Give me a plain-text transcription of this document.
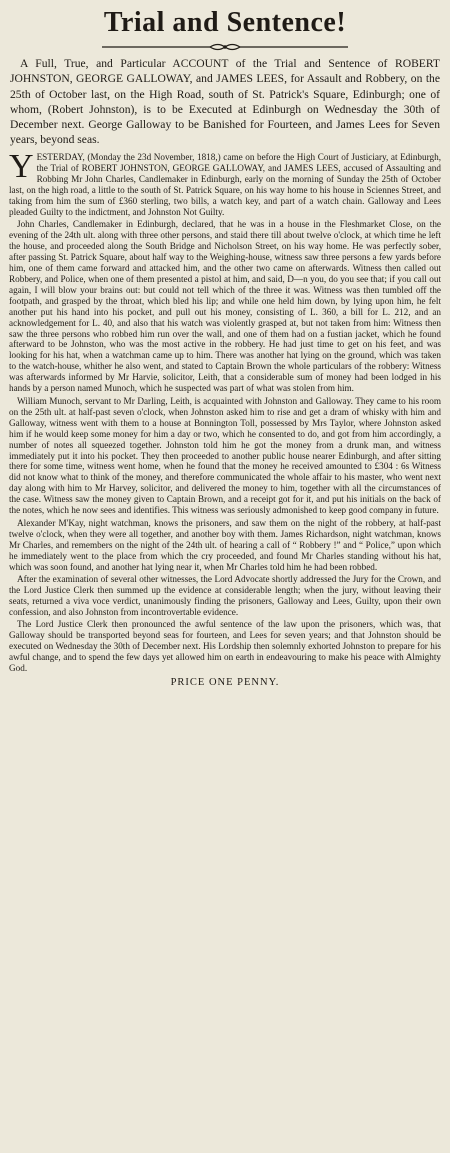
Trial and Sentence!

A Full, True, and Particular ACCOUNT of the Trial and Sentence of ROBERT JOHNSTON, GEORGE GALLOWAY, and JAMES LEES, for Assault and Robbery, on the 25th of October last, on the High Road, south of St. Patrick's Square, Edinburgh; one of whom, (Robert Johnston), is to be Executed at Edinburgh on Wednesday the 30th of December next. George Galloway to be Banished for Fourteen, and James Lees for Seven years, beyond seas.

YESTERDAY, (Monday the 23d November, 1818,) came on before the High Court of Justiciary, at Edinburgh, the Trial of ROBERT JOHNSTON, GEORGE GALLOWAY, and JAMES LEES, accused of Assaulting and Robbing Mr John Charles, Candlemaker in Edinburgh, early on the morning of Sunday the 25th of October last, on the high road, a little to the south of St. Patrick Square, on his way home to his house in Sciennes Street, and taking from him the sum of £360 sterling, two bills, a watch key, and part of a watch chain. Galloway and Lees pleaded Guilty to the indictment, and Johnston Not Guilty.

John Charles, Candlemaker in Edinburgh, declared, that he was in a house in the Fleshmarket Close, on the evening of the 24th ult. along with three other persons, and staid there till about twelve o'clock, at which time he left the house, and proceeded along the South Bridge and Nicholson Street, on his way home. He was perfectly sober, after passing St. Patrick Square, about half way to the Weighing-house, witness saw three persons a few yards before him, one of them came forward and attacked him, and the other two came on afterwards. Witness then called out Robbery, and Police, when one of them presented a pistol at him, and said, D—n you, do you see that; if you call out again, I will blow your brains out: but could not tell which of the three it was. Witness was then tumbled off the footpath, and grasped by the throat, which bled his lip; and while one held him down, by lying upon him, he felt another put his hand into his pocket, and pull out his money, consisting of L. 360, a bill for L. 212, and an acknowledgement for L. 40, and also that his watch was violently grasped at, but not taken from him: Witness then saw the three persons who robbed him run over the wall, and one of them had on a fustian jacket, which he found afterward to be Johnston, who was the most active in the robbery. He had just time to get on his feet, and was looking for his hat, when a watchman came up to him. There was another hat lying on the ground, which was taken to the watch-house, whither he also went, and stated to Captain Brown the whole particulars of the robbery: Witness was afterwards informed by Mr Harvie, solicitor, Leith, that a considerable sum of money had been lodged in his hands by a person named Munoch, which he suspected was part of what was stolen from him.

William Munoch, servant to Mr Darling, Leith, is acquainted with Johnston and Galloway. They came to his room on the 25th ult. at half-past seven o'clock, when Johnston asked him to rise and get a dram of whisky with him and Galloway, witness went with them to a house at Bonnington Toll, possessed by Mrs Taylor, where Johnston asked him if he would keep some money for him a day or two, which he consented to do, and got from him accordingly, a number of notes all squeezed together. Johnston told him he got the money from a drunk man, and witness immediately put it into his pocket. They then proceeded to another public house nearer Edinburgh, and after sitting there for some time, witness went home, when he found that the money he received amounted to £304 : 6s Witness did not know what to think of the money, and therefore communicated the whole affair to his master, who went next day along with him to Mr Harvey, solicitor, and delivered the money to him, together with all the circumstances of the case. Witness saw the money given to Captain Brown, and a receipt got for it, and put his initials on the back of the notes, which he now sees and identifies. This witness was seriously admonished to keep good company in future.

Alexander M'Kay, night watchman, knows the prisoners, and saw them on the night of the robbery, at half-past twelve o'clock, when they were all together, and another boy with them. James Richardson, night watchman, knows Mr Charles, and remembers on the night of the 24th ult. of hearing a call of “ Robbery !” and “ Police,” upon which he immediately went to the place from which the cry proceeded, and found Mr Charles standing without his hat, which was soon found, and another hat lying near it, when Mr Charles told him he had been robbed.

After the examination of several other witnesses, the Lord Advocate shortly addressed the Jury for the Crown, and the Lord Justice Clerk then summed up the evidence at considerable length; when the jury, without leaving their seats, returned a viva voce verdict, unanimously finding the prisoners, Galloway and Lees, Guilty, upon their own confession, and also Johnston from incontrovertable evidence.

The Lord Justice Clerk then pronounced the awful sentence of the law upon the prisoners, which was, that Galloway should be transported beyond seas for fourteen, and Lees for seven years; and that Johnston should be executed on Wednesday the 30th of December next. His Lordship then solemnly exhorted Johnston to prepare for his awful change, and to spend the few days yet allowed him on earth in endeavouring to make his peace with Almighty God.

PRICE ONE PENNY.
